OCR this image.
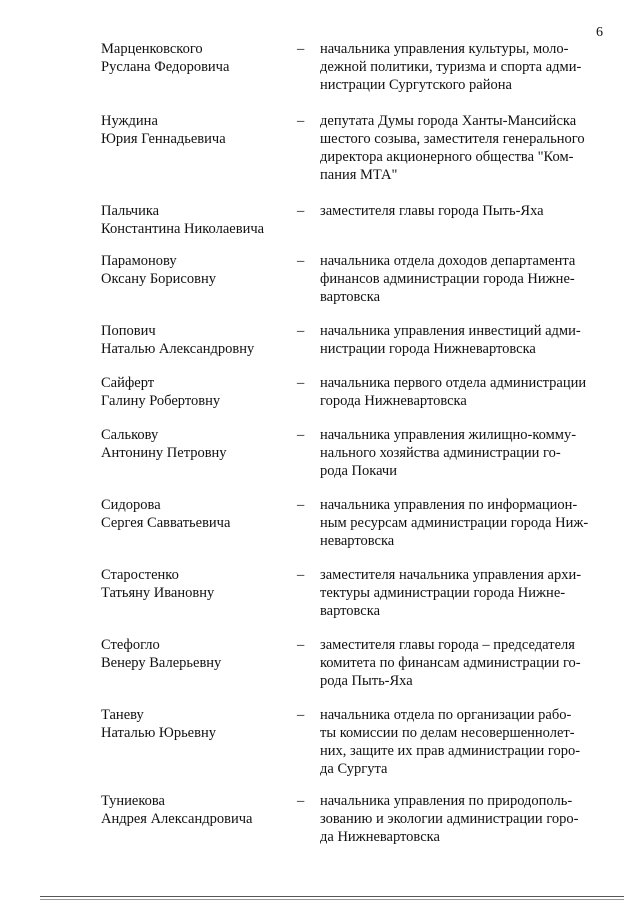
6
Марценковского
Руслана Федоровича
– начальника управления культуры, моло-
дежной политики, туризма и спорта адми-
нистрации Сургутского района
Нуждина
Юрия Геннадьевича
– депутата Думы города Ханты-Мансийска
шестого созыва, заместителя генерального
директора акционерного общества "Ком-
пания МТА"
Пальчика
Константина Николаевича
– заместителя главы города Пыть-Яха
Парамонову
Оксану Борисовну
– начальника отдела доходов департамента
финансов администрации города Нижне-
вартовска
Попович
Наталью Александровну
– начальника управления инвестиций адми-
нистрации города Нижневартовска
Сайферт
Галину Робертовну
– начальника первого отдела администрации
города Нижневартовска
Салькову
Антонину Петровну
– начальника управления жилищно-комму-
нального хозяйства администрации го-
рода Покачи
Сидорова
Сергея Савватьевича
– начальника управления по информацион-
ным ресурсам администрации города Ниж-
невартовска
Старостенко
Татьяну Ивановну
– заместителя начальника управления архи-
тектуры администрации города Нижне-
вартовска
Стефогло
Венеру Валерьевну
– заместителя главы города – председателя
комитета по финансам администрации го-
рода Пыть-Яха
Таневу
Наталью Юрьевну
– начальника отдела по организации рабо-
ты комиссии по делам несовершеннолет-
них, защите их прав администрации горо-
да Сургута
Туниекова
Андрея Александровича
– начальника управления по природополь-
зованию и экологии администрации горо-
да Нижневартовска
